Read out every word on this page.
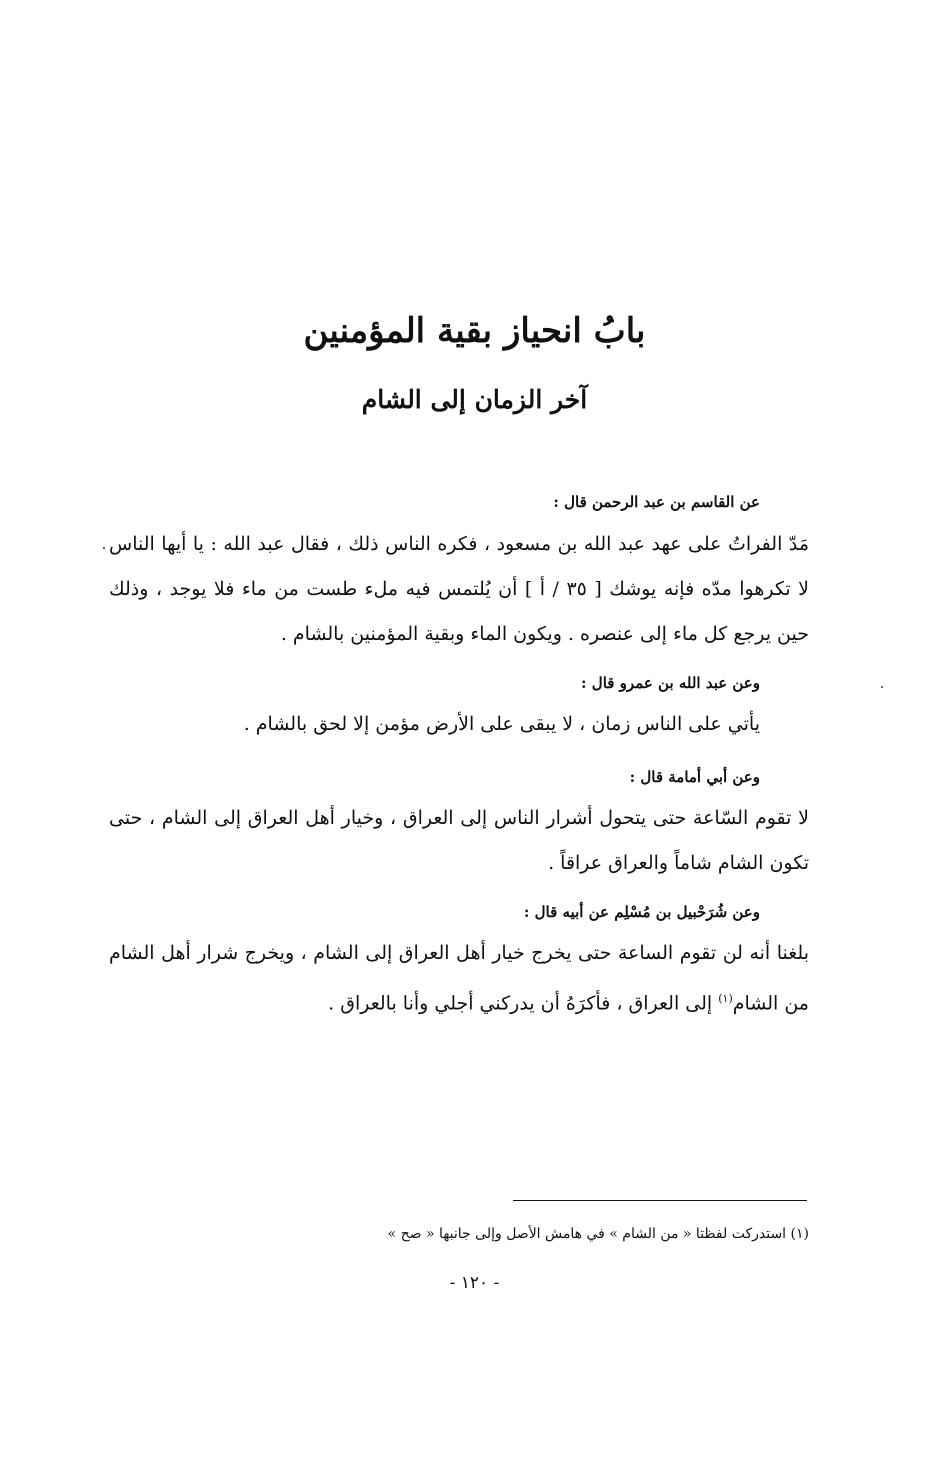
بابُ انحياز بقية المؤمنين
آخر الزمان إلى الشام
عن القاسم بن عبد الرحمن قال :
مَدّ الفراتُ على عهد عبد الله بن مسعود ، فكره الناس ذلك ، فقال عبد الله : يا أيها الناس لا تكرهوا مدّه فإنه يوشك [ ٣٥ / أ ] أن يُلتمس فيه ملء طست من ماء فلا يوجد ، وذلك حين يرجع كل ماء إلى عنصره . ويكون الماء وبقية المؤمنين بالشام .
وعن عبد الله بن عمرو قال :
يأتي على الناس زمان ، لا يبقى على الأرض مؤمن إلا لحق بالشام .
وعن أبي أمامة قال :
لا تقوم السّاعة حتى يتحول أشرار الناس إلى العراق ، وخيار أهل العراق إلى الشام ، حتى تكون الشام شاماً والعراق عراقاً .
وعن شُرَحْبيل بن مُسْلِم عن أبيه قال :
بلغنا أنه لن تقوم الساعة حتى يخرج خيار أهل العراق إلى الشام ، ويخرج شرار أهل الشام من الشام$^{(١)}$ إلى العراق ، فأكرَهُ أن يدركني أجلي وأنا بالعراق .
(١) استدركت لفظتا « من الشام » في هامش الأصل وإلى جانبها « صح »
- ١٢٠ -
